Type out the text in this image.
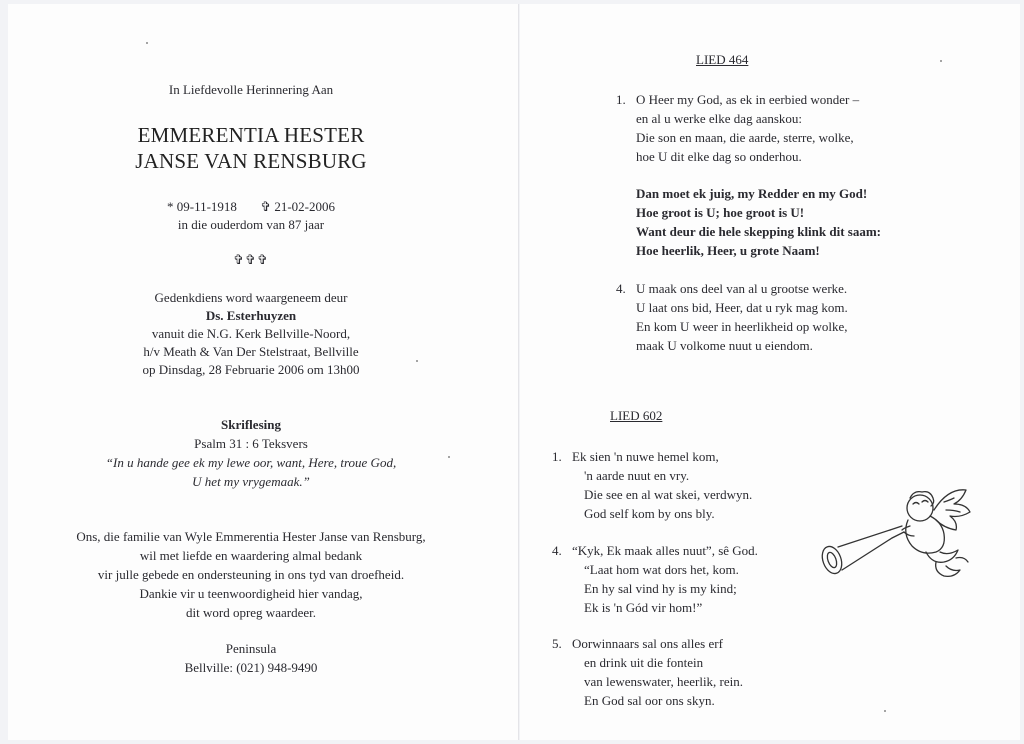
In Liefdevolle Herinnering Aan
EMMERENTIA HESTER
JANSE VAN RENSBURG
* 09-11-1918 ✞ 21-02-2006
in die ouderdom van 87 jaar
✞✞✞
Gedenkdiens word waargeneem deur
Ds. Esterhuyzen
vanuit die N.G. Kerk Bellville-Noord,
h/v Meath & Van Der Stelstraat, Bellville
op Dinsdag, 28 Februarie 2006 om 13h00
Skriflesing
Psalm 31 : 6 Teksvers
“In u hande gee ek my lewe oor, want, Here, troue God,
U het my vrygemaak.”
Ons, die familie van Wyle Emmerentia Hester Janse van Rensburg,
wil met liefde en waardering almal bedank
vir julle gebede en ondersteuning in ons tyd van droefheid.
Dankie vir u teenwoordigheid hier vandag,
dit word opreg waardeer.
Peninsula
Bellville: (021) 948-9490
LIED 464
1. O Heer my God, as ek in eerbied wonder –
en al u werke elke dag aanskou:
Die son en maan, die aarde, sterre, wolke,
hoe U dit elke dag so onderhou.
Dan moet ek juig, my Redder en my God!
Hoe groot is U; hoe groot is U!
Want deur die hele skepping klink dit saam:
Hoe heerlik, Heer, u grote Naam!
4. U maak ons deel van al u grootse werke.
U laat ons bid, Heer, dat u ryk mag kom.
En kom U weer in heerlikheid op wolke,
maak U volkome nuut u eiendom.
LIED 602
1. Ek sien 'n nuwe hemel kom,
'n aarde nuut en vry.
Die see en al wat skei, verdwyn.
God self kom by ons bly.
4. “Kyk, Ek maak alles nuut”, sê God.
“Laat hom wat dors het, kom.
En hy sal vind hy is my kind;
Ek is 'n Gód vir hom!”
5. Oorwinnaars sal ons alles erf
en drink uit die fontein
van lewenswater, heerlik, rein.
En God sal oor ons skyn.
